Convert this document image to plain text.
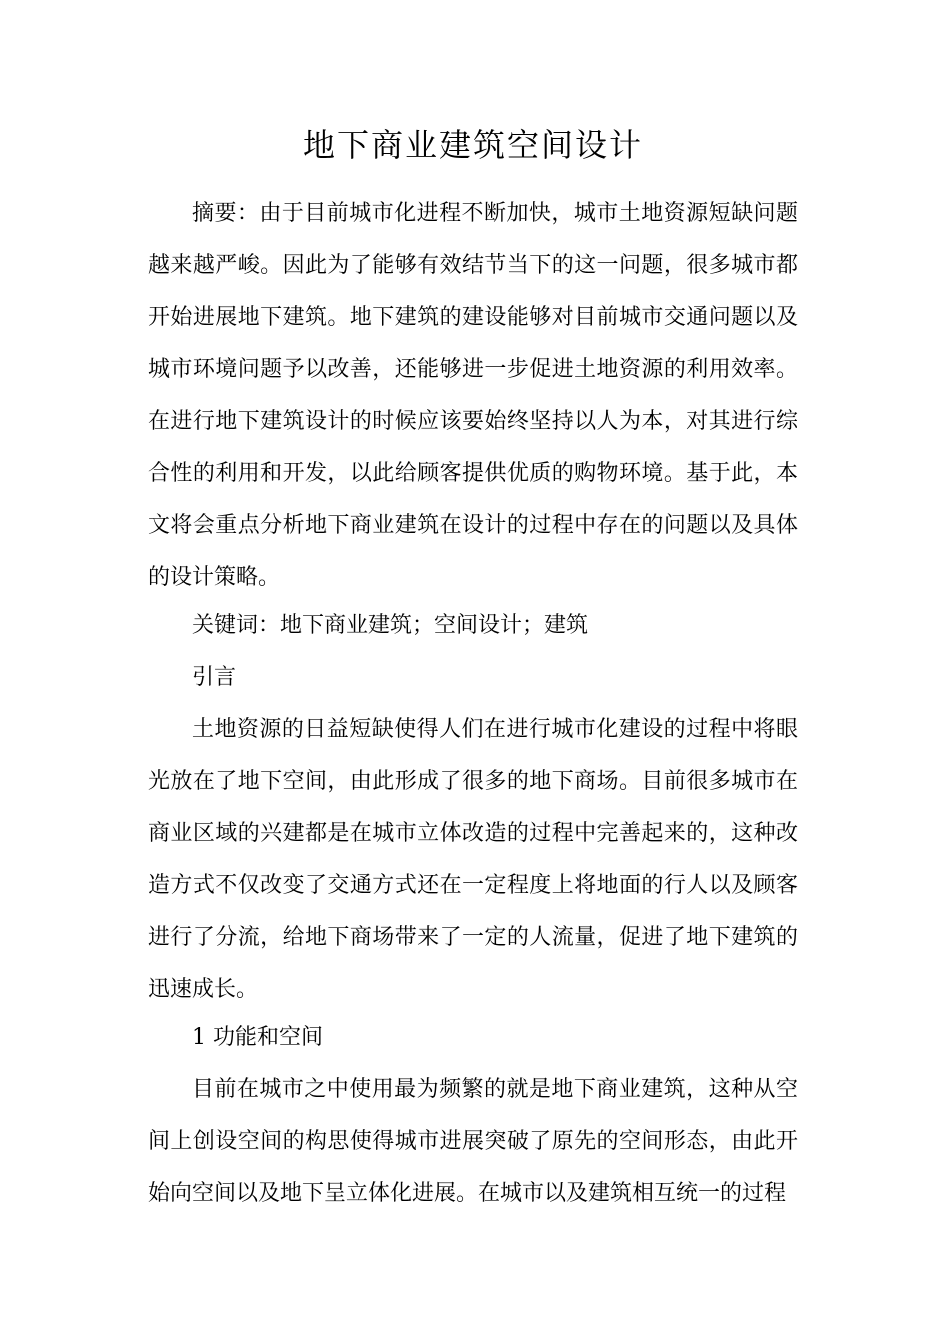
地下商业建筑空间设计

摘要：由于目前城市化进程不断加快，城市土地资源短缺问题越来越严峻。因此为了能够有效结节当下的这一问题，很多城市都开始进展地下建筑。地下建筑的建设能够对目前城市交通问题以及城市环境问题予以改善，还能够进一步促进土地资源的利用效率。在进行地下建筑设计的时候应该要始终坚持以人为本，对其进行综合性的利用和开发，以此给顾客提供优质的购物环境。基于此，本文将会重点分析地下商业建筑在设计的过程中存在的问题以及具体的设计策略。

关键词：地下商业建筑；空间设计；建筑

引言

土地资源的日益短缺使得人们在进行城市化建设的过程中将眼光放在了地下空间，由此形成了很多的地下商场。目前很多城市在商业区域的兴建都是在城市立体改造的过程中完善起来的，这种改造方式不仅改变了交通方式还在一定程度上将地面的行人以及顾客进行了分流，给地下商场带来了一定的人流量，促进了地下建筑的迅速成长。

1 功能和空间

目前在城市之中使用最为频繁的就是地下商业建筑，这种从空间上创设空间的构思使得城市进展突破了原先的空间形态，由此开始向空间以及地下呈立体化进展。在城市以及建筑相互统一的过程
